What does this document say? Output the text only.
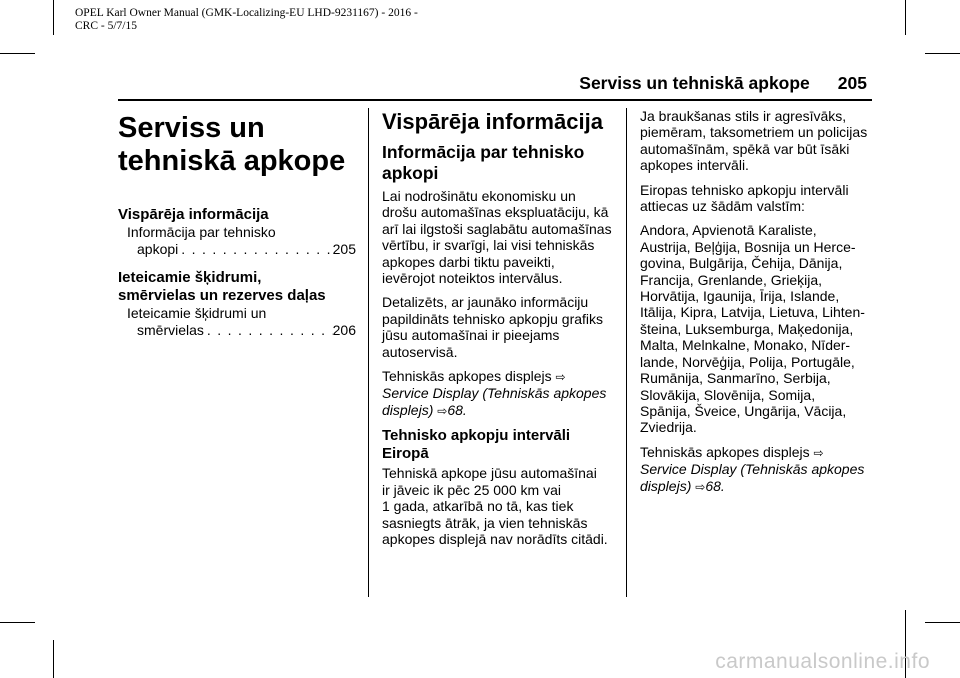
OPEL Karl Owner Manual (GMK-Localizing-EU LHD-9231167) - 2016 -
CRC - 5/7/15
Serviss un tehniskā apkope 205
Serviss un
tehniskā apkope
Vispārēja informācija
Informācija par tehnisko
apkopi . . .	205
Ieteicamie šķidrumi,
smērvielas un rezerves daļas
Ieteicamie šķidrumi un
smērvielas . . .	206
Vispārēja informācija
Informācija par tehnisko
apkopi

Lai nodrošinātu ekonomisku un
drošu automašīnas ekspluatāciju, kā
arī lai ilgstoši saglabātu automašīnas
vērtību, ir svarīgi, lai visi tehniskās
apkopes darbi tiktu paveikti,
ievērojot noteiktos intervālus.

Detalizēts, ar jaunāko informāciju
papildināts tehnisko apkopju grafiks
jūsu automašīnai ir pieejams
autoservisā.

Tehniskās apkopes displejs ⇨
Service Display (Tehniskās apkopes
displejs) ⇨68.

Tehnisko apkopju intervāli
Eiropā

Tehniskā apkope jūsu automašīnai
ir jāveic ik pēc 25 000 km vai
1 gada, atkarībā no tā, kas tiek
sasniegts ātrāk, ja vien tehniskās
apkopes displejā nav norādīts citādi.

Ja braukšanas stils ir agresīvāks,
piemēram, taksometriem un policijas
automašīnām, spēkā var būt īsāki
apkopes intervāli.

Eiropas tehnisko apkopju intervāli
attiecas uz šādām valstīm:

Andora, Apvienotā Karaliste,
Austrija, Beļģija, Bosnija un Herce-
govina, Bulgārija, Čehija, Dānija,
Francija, Grenlande, Grieķija,
Horvātija, Igaunija, Īrija, Islande,
Itālija, Kipra, Latvija, Lietuva, Lihten-
šteina, Luksemburga, Maķedonija,
Malta, Melnkalne, Monako, Nīder-
lande, Norvēģija, Polija, Portugāle,
Rumānija, Sanmarīno, Serbija,
Slovākija, Slovēnija, Somija,
Spānija, Šveice, Ungārija, Vācija,
Zviedrija.

Tehniskās apkopes displejs ⇨
Service Display (Tehniskās apkopes
displejs) ⇨68.

carmanualsonline.info
